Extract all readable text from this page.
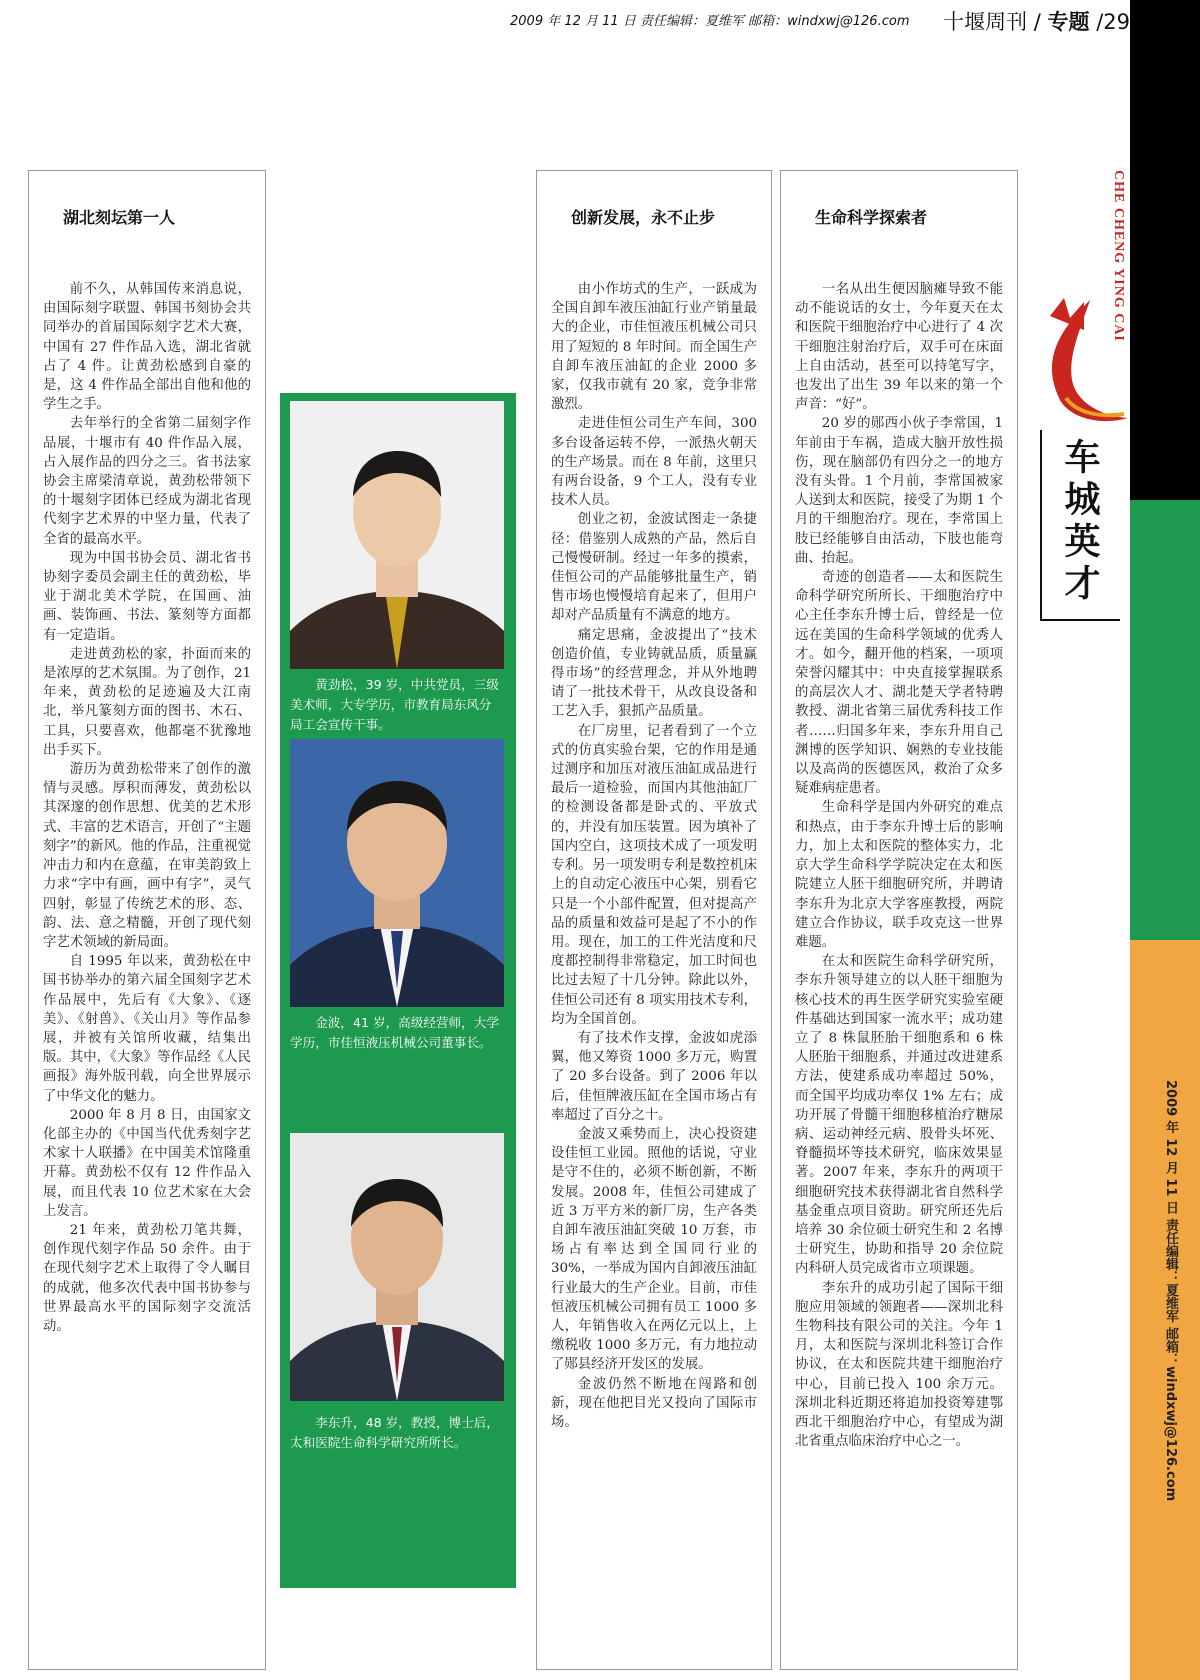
2009 年 12 月 11 日 责任编辑：夏维军 邮箱：windxwj@126.com 十堰周刊 / 专题 /29
CHE CHENG YING CAI
车城英才
2009 年 12 月 11 日 责任编辑：夏维军 邮箱：windxwj@126.com
湖北刻坛第一人

前不久，从韩国传来消息说，由国际刻字联盟、韩国书刻协会共同举办的首届国际刻字艺术大赛，中国有 27 件作品入选，湖北省就占了 4 件。让黄劲松感到自豪的是，这 4 件作品全部出自他和他的学生之手。

去年举行的全省第二届刻字作品展，十堰市有 40 件作品入展，占入展作品的四分之三。省书法家协会主席梁清章说，黄劲松带领下的十堰刻字团体已经成为湖北省现代刻字艺术界的中坚力量，代表了全省的最高水平。

现为中国书协会员、湖北省书协刻字委员会副主任的黄劲松，毕业于湖北美术学院，在国画、油画、装饰画、书法、篆刻等方面都有一定造诣。

走进黄劲松的家，扑面而来的是浓厚的艺术氛围。为了创作，21 年来，黄劲松的足迹遍及大江南北，举凡篆刻方面的图书、木石、工具，只要喜欢，他都毫不犹豫地出手买下。

游历为黄劲松带来了创作的激情与灵感。厚积而薄发，黄劲松以其深邃的创作思想、优美的艺术形式、丰富的艺术语言，开创了“主题刻字”的新风。他的作品，注重视觉冲击力和内在意蕴，在审美韵致上力求“字中有画，画中有字”，灵气四射，彰显了传统艺术的形、态、韵、法、意之精髓，开创了现代刻字艺术领域的新局面。

自 1995 年以来，黄劲松在中国书协举办的第六届全国刻字艺术作品展中，先后有《大象》、《逐美》、《射兽》、《关山月》等作品参展，并被有关馆所收藏，结集出版。其中，《大象》等作品经《人民画报》海外版刊载，向全世界展示了中华文化的魅力。

2000 年 8 月 8 日，由国家文化部主办的《中国当代优秀刻字艺术家十人联播》在中国美术馆隆重开幕。黄劲松不仅有 12 件作品入展，而且代表 10 位艺术家在大会上发言。

21 年来，黄劲松刀笔共舞，创作现代刻字作品 50 余件。由于在现代刻字艺术上取得了令人瞩目的成就，他多次代表中国书协参与世界最高水平的国际刻字交流活动。

黄劲松，39 岁，中共党员，三级美术师，大专学历，市教育局东风分局工会宣传干事。
金波，41 岁，高级经营师，大学学历，市佳恒液压机械公司董事长。
李东升，48 岁，教授，博士后，太和医院生命科学研究所所长。
创新发展，永不止步

由小作坊式的生产，一跃成为全国自卸车液压油缸行业产销量最大的企业，市佳恒液压机械公司只用了短短的 8 年时间。而全国生产自卸车液压油缸的企业 2000 多家，仅我市就有 20 家，竞争非常激烈。

走进佳恒公司生产车间，300 多台设备运转不停，一派热火朝天的生产场景。而在 8 年前，这里只有两台设备，9 个工人，没有专业技术人员。

创业之初，金波试图走一条捷径：借鉴别人成熟的产品，然后自己慢慢研制。经过一年多的摸索，佳恒公司的产品能够批量生产，销售市场也慢慢培育起来了，但用户却对产品质量有不满意的地方。

痛定思痛，金波提出了“技术创造价值，专业铸就品质，质量赢得市场”的经营理念，并从外地聘请了一批技术骨干，从改良设备和工艺入手，狠抓产品质量。

在厂房里，记者看到了一个立式的仿真实验台架，它的作用是通过测序和加压对液压油缸成品进行最后一道检验，而国内其他油缸厂的检测设备都是卧式的、平放式的，并没有加压装置。因为填补了国内空白，这项技术成了一项发明专利。另一项发明专利是数控机床上的自动定心液压中心架，别看它只是一个小部件配置，但对提高产品的质量和效益可是起了不小的作用。现在，加工的工件光洁度和尺度都控制得非常稳定，加工时间也比过去短了十几分钟。除此以外，佳恒公司还有 8 项实用技术专利，均为全国首创。

有了技术作支撑，金波如虎添翼，他又筹资 1000 多万元，购置了 20 多台设备。到了 2006 年以后，佳恒牌液压缸在全国市场占有率超过了百分之十。

金波又乘势而上，决心投资建设佳恒工业园。照他的话说，守业是守不住的，必须不断创新，不断发展。2008 年，佳恒公司建成了近 3 万平方米的新厂房，生产各类自卸车液压油缸突破 10 万套，市场占有率达到全国同行业的 30%，一举成为国内自卸液压油缸行业最大的生产企业。目前，市佳恒液压机械公司拥有员工 1000 多人，年销售收入在两亿元以上，上缴税收 1000 多万元，有力地拉动了郧县经济开发区的发展。

金波仍然不断地在闯路和创新，现在他把目光又投向了国际市场。

生命科学探索者

一名从出生便因脑瘫导致不能动不能说话的女士，今年夏天在太和医院干细胞治疗中心进行了 4 次干细胞注射治疗后，双手可在床面上自由活动，甚至可以持笔写字，也发出了出生 39 年以来的第一个声音：“好”。

20 岁的郧西小伙子李常国，1 年前由于车祸，造成大脑开放性损伤，现在脑部仍有四分之一的地方没有头骨。1 个月前，李常国被家人送到太和医院，接受了为期 1 个月的干细胞治疗。现在，李常国上肢已经能够自由活动，下肢也能弯曲、抬起。

奇迹的创造者——太和医院生命科学研究所所长、干细胞治疗中心主任李东升博士后，曾经是一位远在美国的生命科学领域的优秀人才。如今，翻开他的档案，一项项荣誉闪耀其中：中央直接掌握联系的高层次人才、湖北楚天学者特聘教授、湖北省第三届优秀科技工作者……归国多年来，李东升用自己渊博的医学知识、娴熟的专业技能以及高尚的医德医风，救治了众多疑难病症患者。

生命科学是国内外研究的难点和热点，由于李东升博士后的影响力，加上太和医院的整体实力，北京大学生命科学学院决定在太和医院建立人胚干细胞研究所，并聘请李东升为北京大学客座教授，两院建立合作协议，联手攻克这一世界难题。

在太和医院生命科学研究所，李东升领导建立的以人胚干细胞为核心技术的再生医学研究实验室硬件基础达到国家一流水平；成功建立了 8 株鼠胚胎干细胞系和 6 株人胚胎干细胞系，并通过改进建系方法，使建系成功率超过 50%，而全国平均成功率仅 1% 左右；成功开展了骨髓干细胞移植治疗糖尿病、运动神经元病、股骨头坏死、脊髓损坏等技术研究，临床效果显著。2007 年来，李东升的两项干细胞研究技术获得湖北省自然科学基金重点项目资助。研究所还先后培养 30 余位硕士研究生和 2 名博士研究生，协助和指导 20 余位院内科研人员完成省市立项课题。

李东升的成功引起了国际干细胞应用领域的领跑者——深圳北科生物科技有限公司的关注。今年 1 月，太和医院与深圳北科签订合作协议，在太和医院共建干细胞治疗中心，目前已投入 100 余万元。深圳北科近期还将追加投资筹建鄂西北干细胞治疗中心，有望成为湖北省重点临床治疗中心之一。
